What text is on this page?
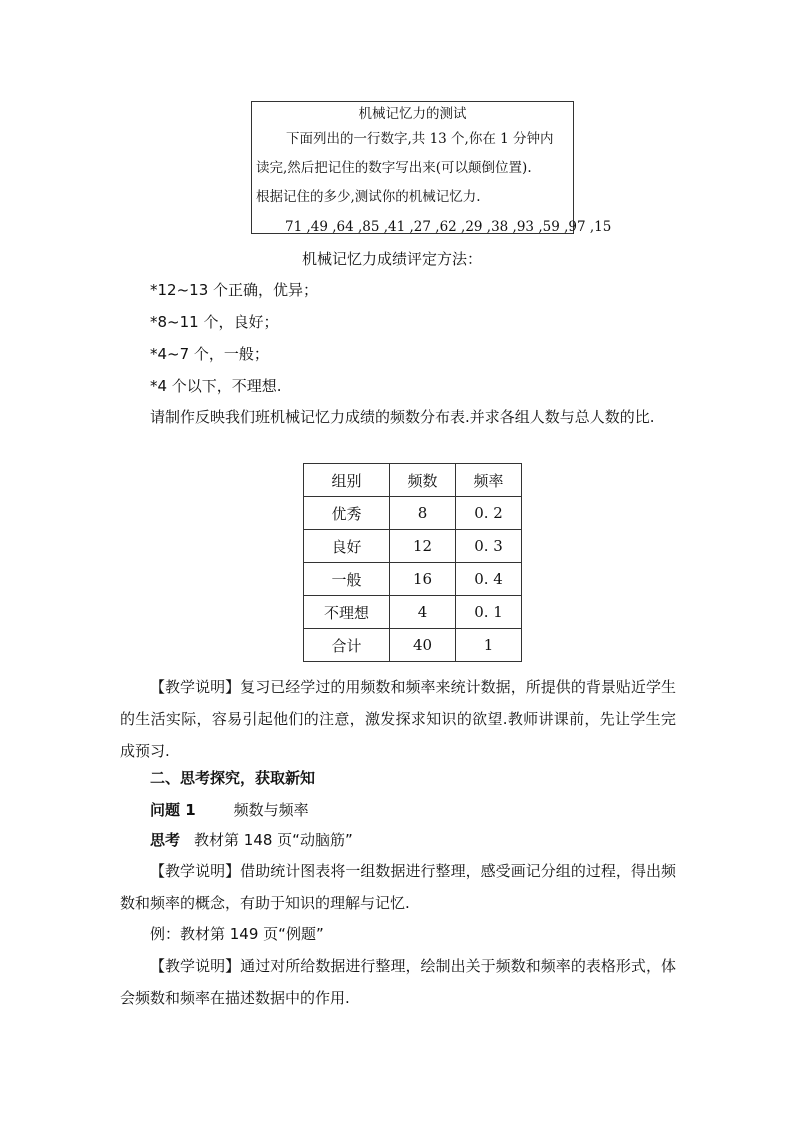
机械记忆力的测试
下面列出的一行数字,共 13 个,你在 1 分钟内
读完,然后把记住的数字写出来(可以颠倒位置).
根据记住的多少,测试你的机械记忆力.
71 ,49 ,64 ,85 ,41 ,27 ,62 ,29 ,38 ,93 ,59 ,97 ,15
机械记忆力成绩评定方法：
*12~13 个正确，优异；
*8~11 个，良好；
*4~7 个，一般；
*4 个以下，不理想.
请制作反映我们班机械记忆力成绩的频数分布表.并求各组人数与总人数的比.
组别	频数	频率
优秀	8	0. 2
良好	12	0. 3
一般	16	0. 4
不理想	4	0. 1
合计	40	1
【教学说明】复习已经学过的用频数和频率来统计数据，所提供的背景贴近学生的生活实际，容易引起他们的注意，激发探求知识的欲望.教师讲课前，先让学生完成预习.
二、思考探究，获取新知
问题 1	频数与频率
思考 教材第 148 页“动脑筋”
【教学说明】借助统计图表将一组数据进行整理，感受画记分组的过程，得出频数和频率的概念，有助于知识的理解与记忆.
例：教材第 149 页“例题”
【教学说明】通过对所给数据进行整理，绘制出关于频数和频率的表格形式，体会频数和频率在描述数据中的作用.
